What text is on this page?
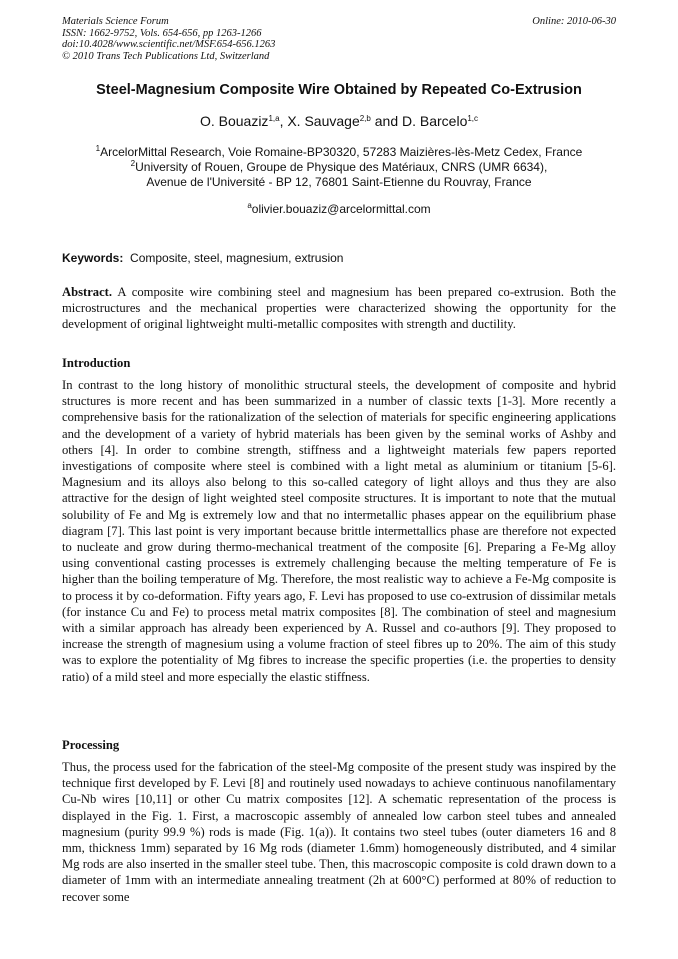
Materials Science Forum
ISSN: 1662-9752, Vols. 654-656, pp 1263-1266
doi:10.4028/www.scientific.net/MSF.654-656.1263
© 2010 Trans Tech Publications Ltd, Switzerland
Online: 2010-06-30
Steel-Magnesium Composite Wire Obtained by Repeated Co-Extrusion
O. Bouaziz$^{1,a}$, X. Sauvage$^{2,b}$ and D. Barcelo$^{1,c}$
$^1$ArcelorMittal Research, Voie Romaine-BP30320, 57283 Maizières-lès-Metz Cedex, France
$^2$University of Rouen, Groupe de Physique des Matériaux, CNRS (UMR 6634),
Avenue de l'Université - BP 12, 76801 Saint-Etienne du Rouvray, France
$^a$olivier.bouaziz@arcelormittal.com
Keywords: Composite, steel, magnesium, extrusion
Abstract. A composite wire combining steel and magnesium has been prepared co-extrusion. Both the microstructures and the mechanical properties were characterized showing the opportunity for the development of original lightweight multi-metallic composites with strength and ductility.
Introduction
In contrast to the long history of monolithic structural steels, the development of composite and hybrid structures is more recent and has been summarized in a number of classic texts [1-3]. More recently a comprehensive basis for the rationalization of the selection of materials for specific engineering applications and the development of a variety of hybrid materials has been given by the seminal works of Ashby and others [4]. In order to combine strength, stiffness and a lightweight materials few papers reported investigations of composite where steel is combined with a light metal as aluminium or titanium [5-6]. Magnesium and its alloys also belong to this so-called category of light alloys and thus they are also attractive for the design of light weighted steel composite structures. It is important to note that the mutual solubility of Fe and Mg is extremely low and that no intermetallic phases appear on the equilibrium phase diagram [7]. This last point is very important because brittle intermettallics phase are therefore not expected to nucleate and grow during thermo-mechanical treatment of the composite [6]. Preparing a Fe-Mg alloy using conventional casting processes is extremely challenging because the melting temperature of Fe is higher than the boiling temperature of Mg. Therefore, the most realistic way to achieve a Fe-Mg composite is to process it by co-deformation. Fifty years ago, F. Levi has proposed to use co-extrusion of dissimilar metals (for instance Cu and Fe) to process metal matrix composites [8]. The combination of steel and magnesium with a similar approach has already been experienced by A. Russel and co-authors [9]. They proposed to increase the strength of magnesium using a volume fraction of steel fibres up to 20%. The aim of this study was to explore the potentiality of Mg fibres to increase the specific properties (i.e. the properties to density ratio) of a mild steel and more especially the elastic stiffness.
Processing
Thus, the process used for the fabrication of the steel-Mg composite of the present study was inspired by the technique first developed by F. Levi [8] and routinely used nowadays to achieve continuous nanofilamentary Cu-Nb wires [10,11] or other Cu matrix composites [12]. A schematic representation of the process is displayed in the Fig. 1. First, a macroscopic assembly of annealed low carbon steel tubes and annealed magnesium (purity 99.9 %) rods is made (Fig. 1(a)). It contains two steel tubes (outer diameters 16 and 8 mm, thickness 1mm) separated by 16 Mg rods (diameter 1.6mm) homogeneously distributed, and 4 similar Mg rods are also inserted in the smaller steel tube. Then, this macroscopic composite is cold drawn down to a diameter of 1mm with an intermediate annealing treatment (2h at 600°C) performed at 80% of reduction to recover some
